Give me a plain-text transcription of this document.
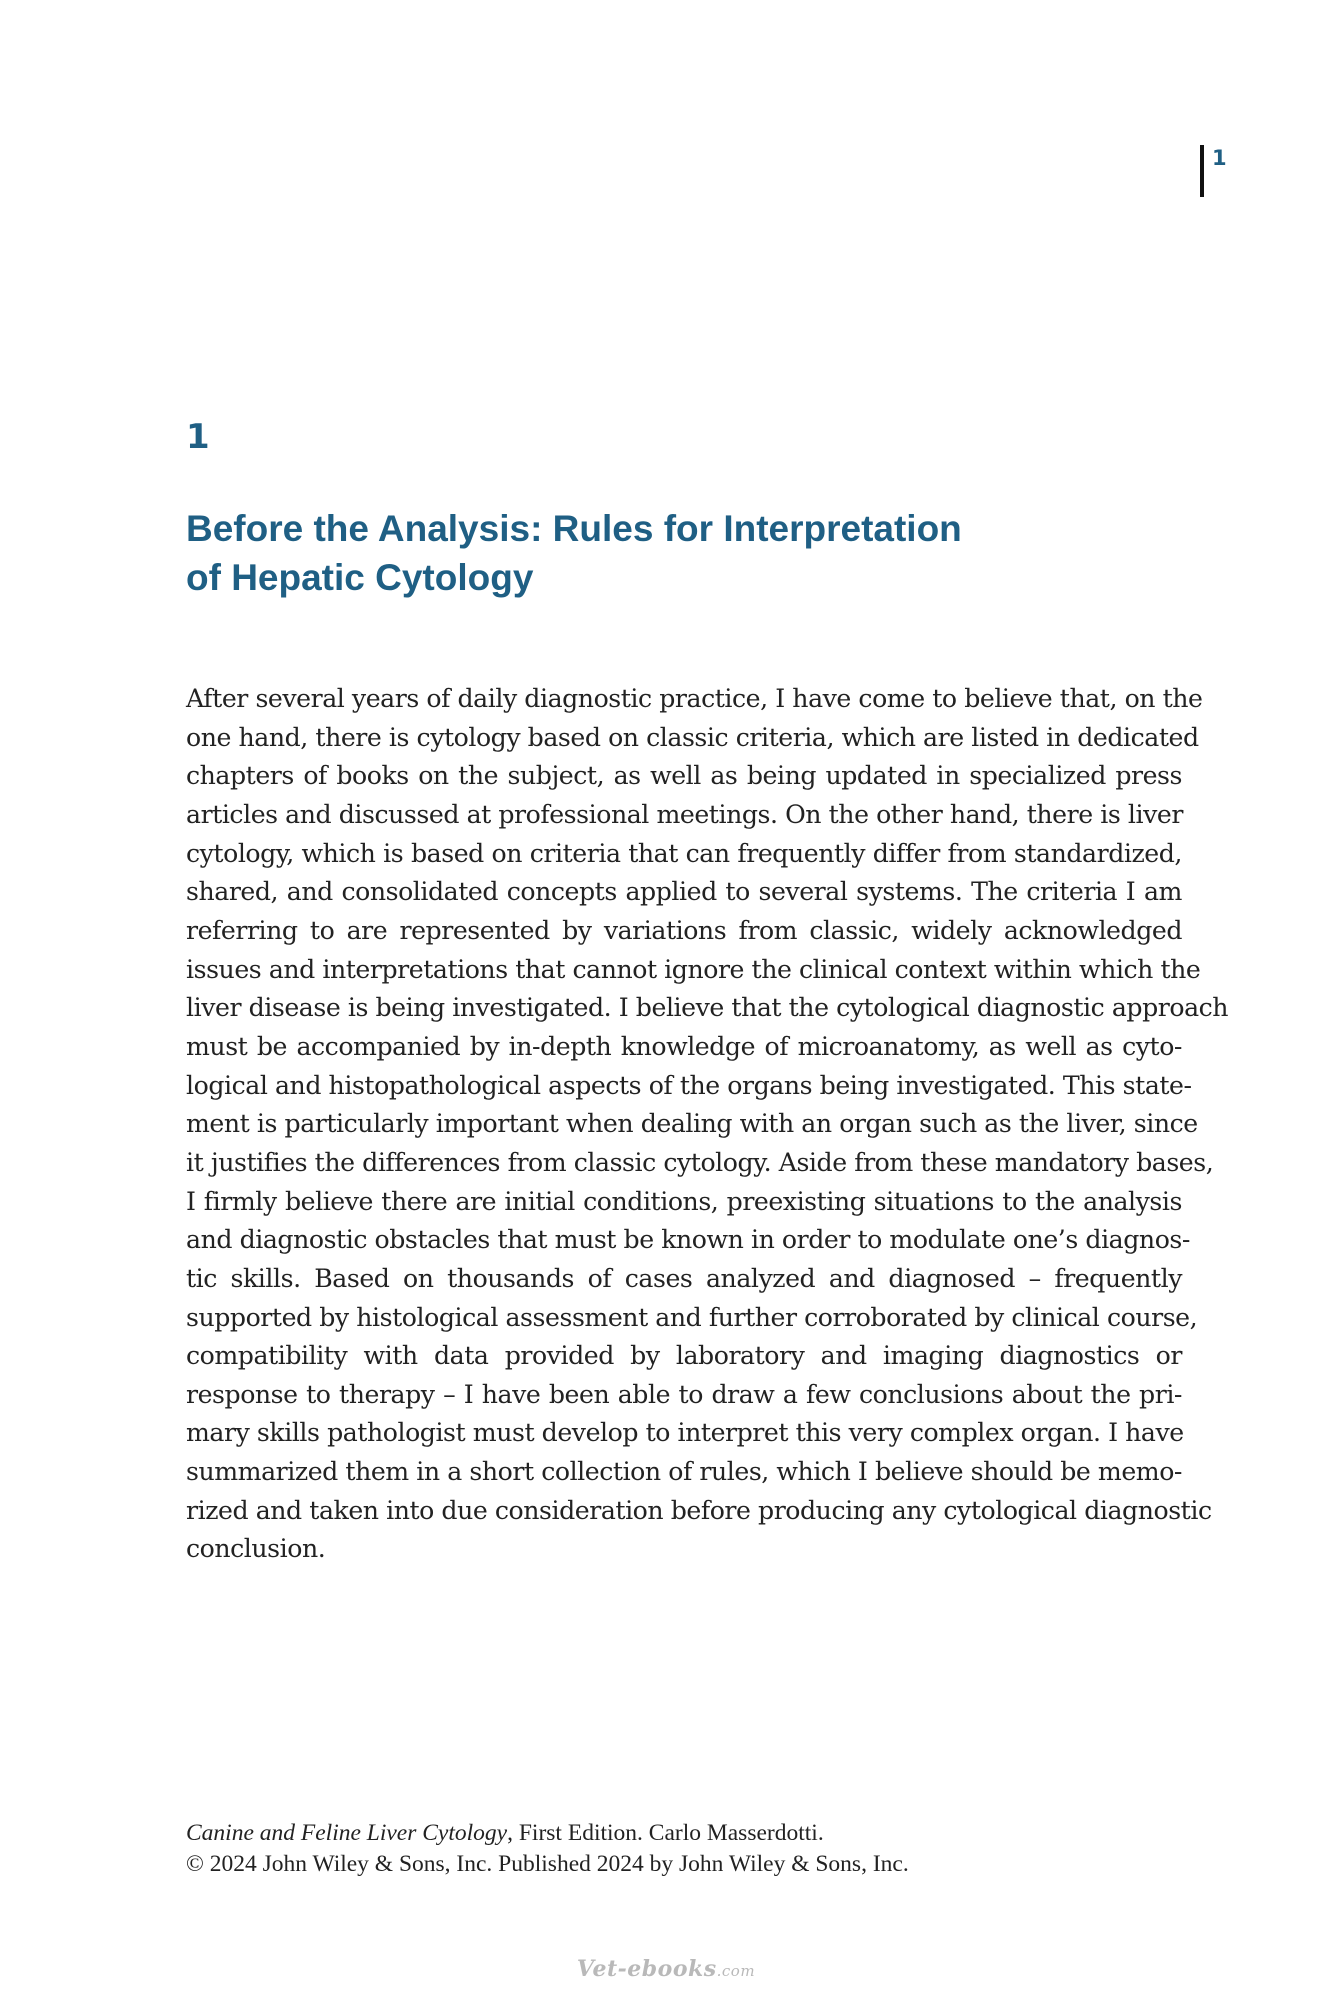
1
1
Before the Analysis: Rules for Interpretation
of Hepatic Cytology

After several years of daily diagnostic practice, I have come to believe that, on the
one hand, there is cytology based on classic criteria, which are listed in dedicated
chapters of books on the subject, as well as being updated in specialized press
articles and discussed at professional meetings. On the other hand, there is liver
cytology, which is based on criteria that can frequently differ from standardized,
shared, and consolidated concepts applied to several systems. The criteria I am
referring to are represented by variations from classic, widely acknowledged
issues and interpretations that cannot ignore the clinical context within which the
liver disease is being investigated. I believe that the cytological diagnostic approach
must be accompanied by in-depth knowledge of microanatomy, as well as cyto-
logical and histopathological aspects of the organs being investigated. This state-
ment is particularly important when dealing with an organ such as the liver, since
it justifies the differences from classic cytology. Aside from these mandatory bases,
I firmly believe there are initial conditions, preexisting situations to the analysis
and diagnostic obstacles that must be known in order to modulate one’s diagnos-
tic skills. Based on thousands of cases analyzed and diagnosed – frequently
supported by histological assessment and further corroborated by clinical course,
compatibility with data provided by laboratory and imaging diagnostics or
response to therapy – I have been able to draw a few conclusions about the pri-
mary skills pathologist must develop to interpret this very complex organ. I have
summarized them in a short collection of rules, which I believe should be memo-
rized and taken into due consideration before producing any cytological diagnostic
conclusion.

Canine and Feline Liver Cytology, First Edition. Carlo Masserdotti.
© 2024 John Wiley & Sons, Inc. Published 2024 by John Wiley & Sons, Inc.
Vet-ebooks.com
